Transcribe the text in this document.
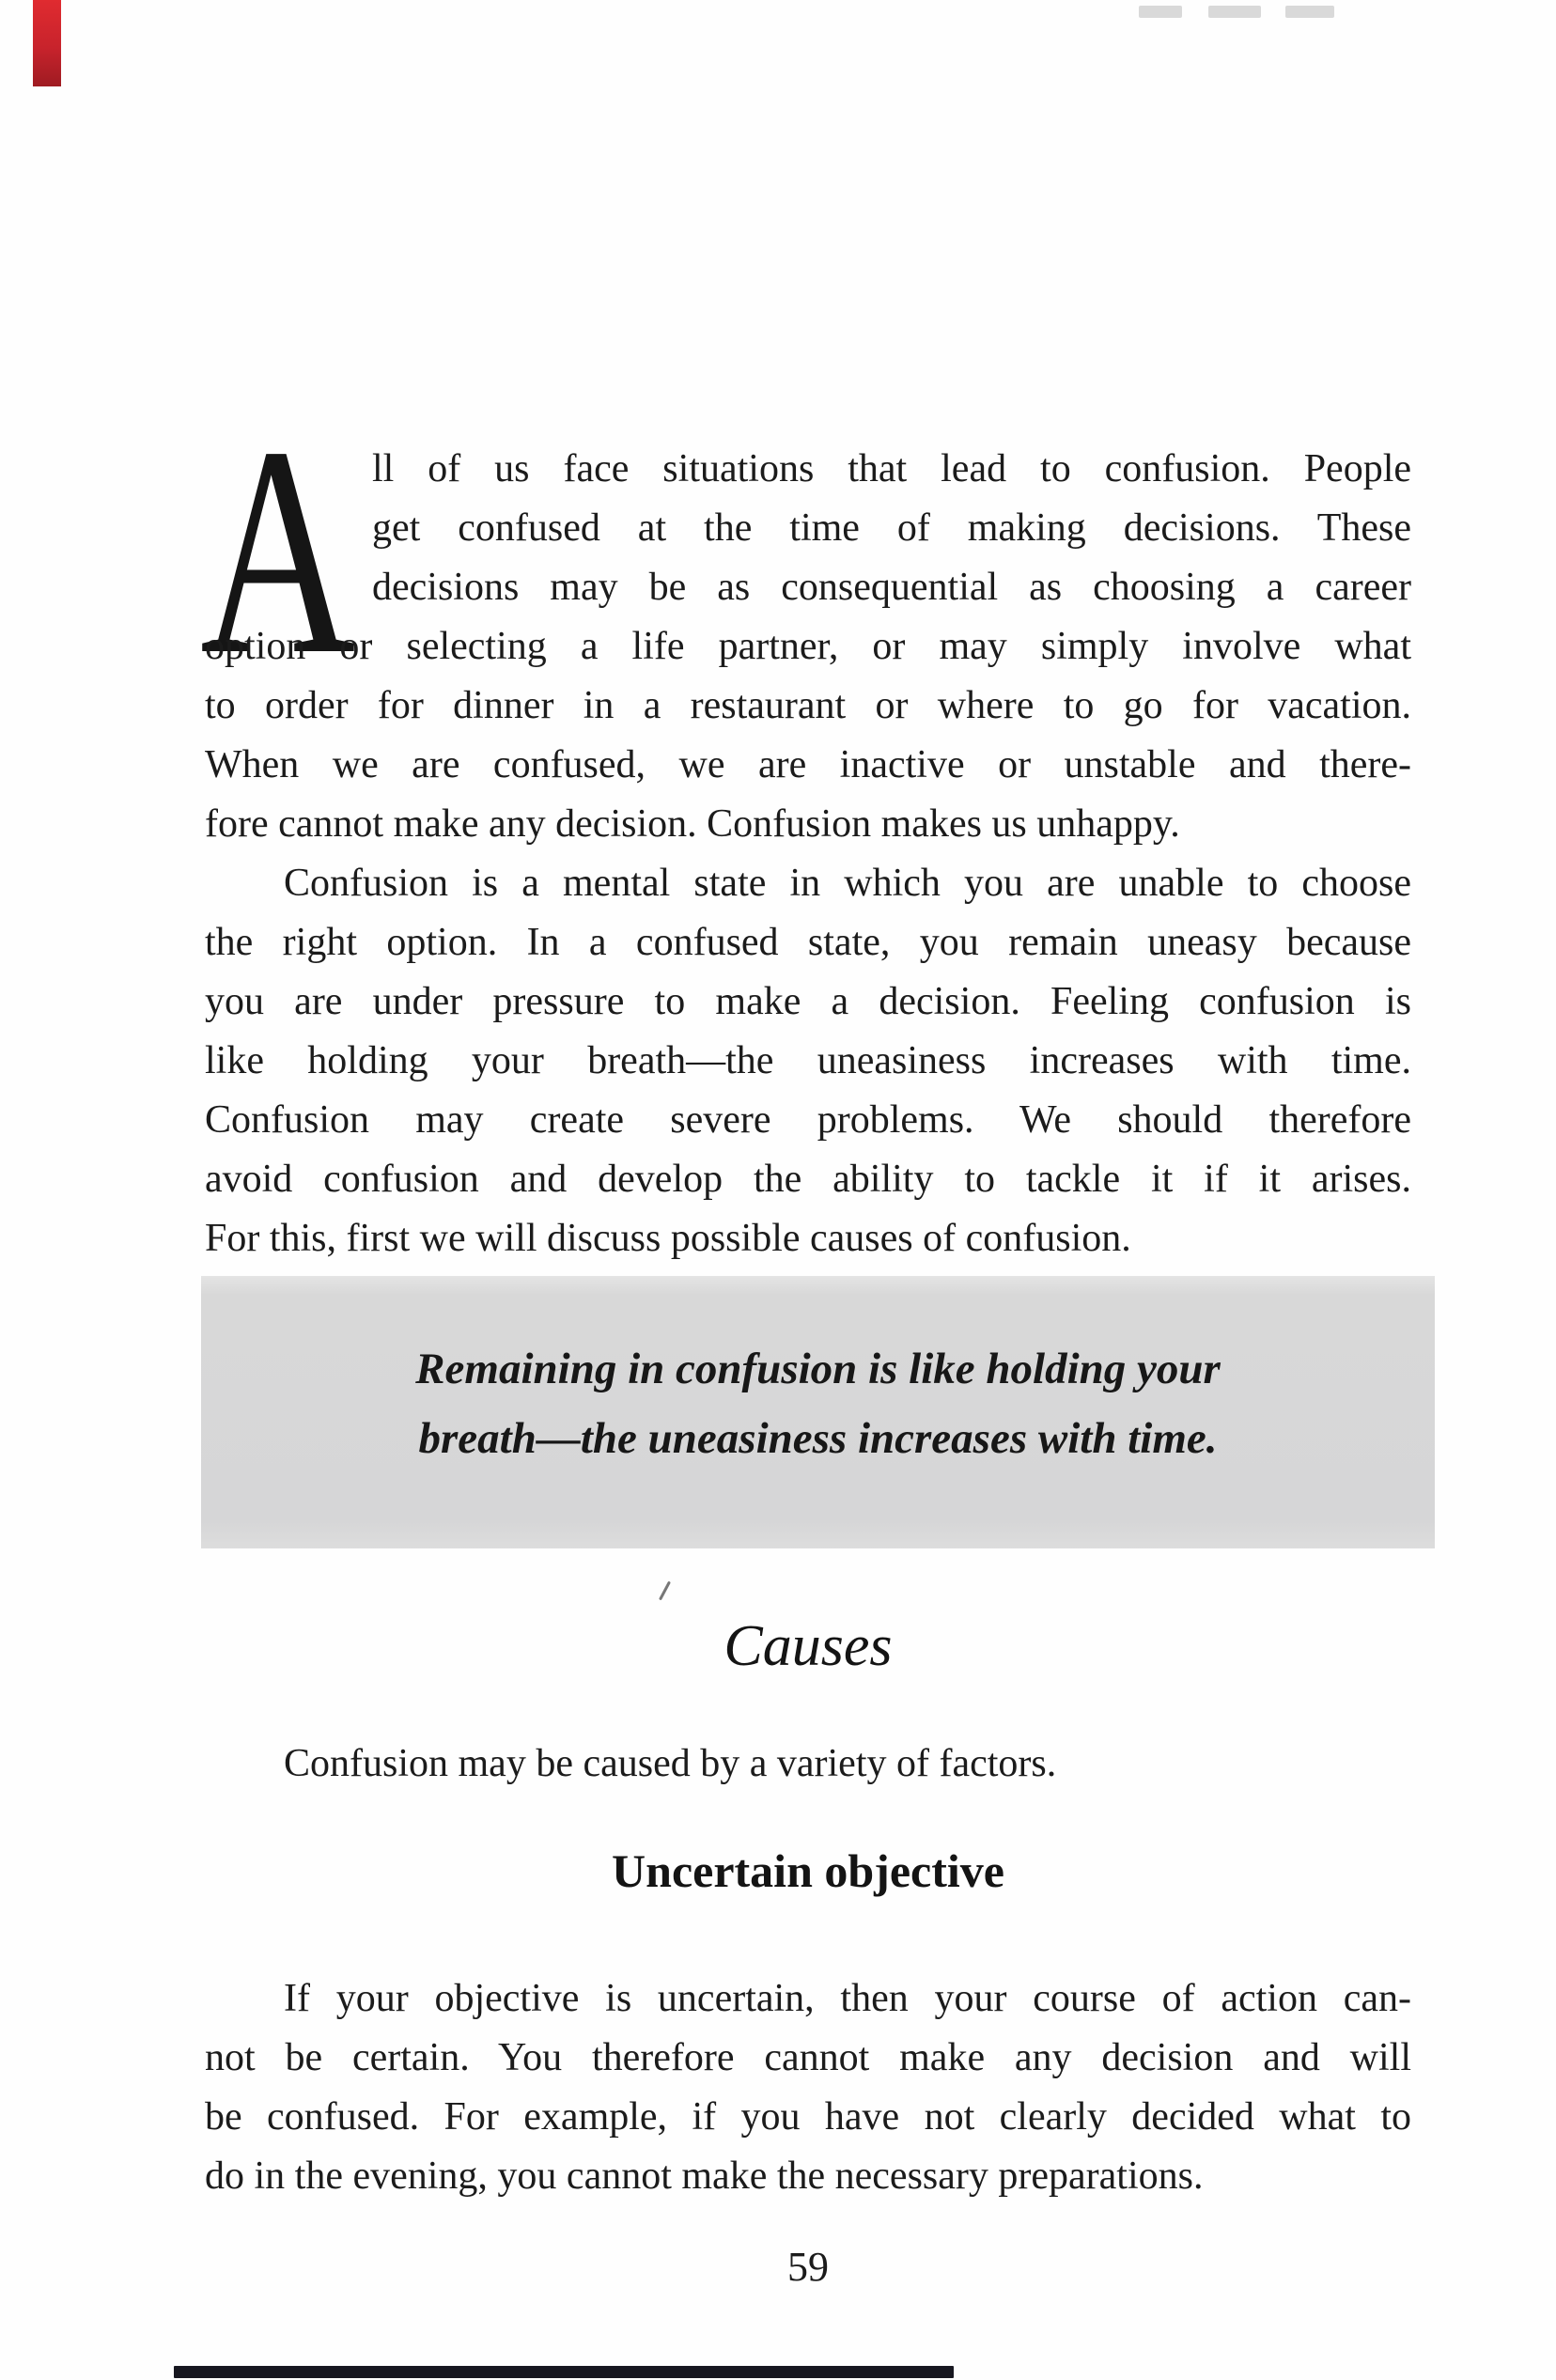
A ll of us face situations that lead to confusion. People
get confused at the time of making decisions. These
decisions may be as consequential as choosing a career
option or selecting a life partner, or may simply involve what
to order for dinner in a restaurant or where to go for vacation.
When we are confused, we are inactive or unstable and there-
fore cannot make any decision. Confusion makes us unhappy.
Confusion is a mental state in which you are unable to choose
the right option. In a confused state, you remain uneasy because
you are under pressure to make a decision. Feeling confusion is
like holding your breath—the uneasiness increases with time.
Confusion may create severe problems. We should therefore
avoid confusion and develop the ability to tackle it if it arises.
For this, first we will discuss possible causes of confusion.
Remaining in confusion is like holding your
breath—the uneasiness increases with time.
Causes
Confusion may be caused by a variety of factors.
Uncertain objective
If your objective is uncertain, then your course of action can-
not be certain. You therefore cannot make any decision and will
be confused. For example, if you have not clearly decided what to
do in the evening, you cannot make the necessary preparations.
59
